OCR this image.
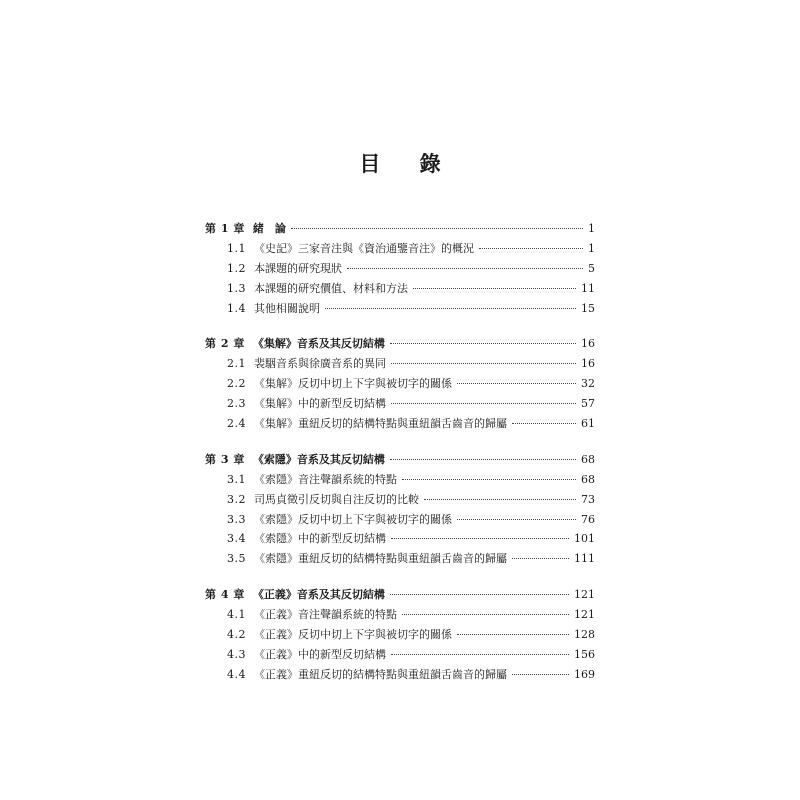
目 錄
第 1 章 緒　論	1
1.1 《史記》三家音注與《資治通鑒音注》的概況	1
1.2 本課題的研究現狀	5
1.3 本課題的研究價值、材料和方法	11
1.4 其他相關說明	15
第 2 章 《集解》音系及其反切結構	16
2.1 裴駰音系與徐廣音系的異同	16
2.2 《集解》反切中切上下字與被切字的關係	32
2.3 《集解》中的新型反切結構	57
2.4 《集解》重紐反切的結構特點與重紐韻舌齒音的歸屬	61
第 3 章 《索隱》音系及其反切結構	68
3.1 《索隱》音注聲韻系統的特點	68
3.2 司馬貞徵引反切與自注反切的比較	73
3.3 《索隱》反切中切上下字與被切字的關係	76
3.4 《索隱》中的新型反切結構	101
3.5 《索隱》重紐反切的結構特點與重紐韻舌齒音的歸屬	111
第 4 章 《正義》音系及其反切結構	121
4.1 《正義》音注聲韻系統的特點	121
4.2 《正義》反切中切上下字與被切字的關係	128
4.3 《正義》中的新型反切結構	156
4.4 《正義》重紐反切的結構特點與重紐韻舌齒音的歸屬	169
